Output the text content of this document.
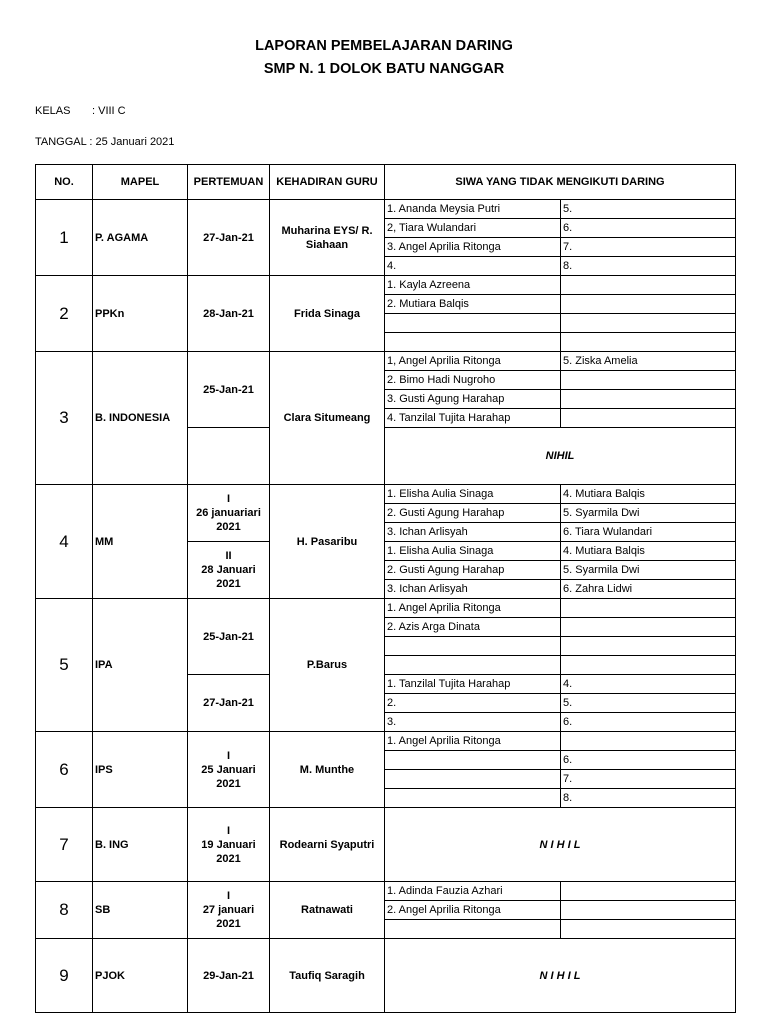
LAPORAN PEMBELAJARAN DARING
SMP N. 1 DOLOK BATU NANGGAR
KELAS : VIII C
TANGGAL : 25 Januari 2021
NO.	MAPEL	PERTEMUAN	KEHADIRAN GURU	SIWA YANG TIDAK MENGIKUTI DARING	
1	P. AGAMA	27-Jan-21	Muharina EYS/ R. Siahaan	1. Ananda Meysia Putri	5.
				2, Tiara Wulandari	6.
				3. Angel Aprilia Ritonga	7.
				4.	8.
2	PPKn	28-Jan-21	Frida Sinaga	1. Kayla Azreena	
				2. Mutiara Balqis	

3	B. INDONESIA	25-Jan-21	Clara Situmeang	1, Angel Aprilia Ritonga	5. Ziska Amelia
				2. Bimo Hadi Nugroho	
				3. Gusti Agung Harahap	
				4. Tanzilal Tujita Harahap	
				NIHIL	
4	MM	I
26 januariari
2021	H. Pasaribu	1. Elisha Aulia Sinaga	4. Mutiara Balqis
				2. Gusti Agung Harahap	5. Syarmila Dwi
				3. Ichan Arlisyah	6. Tiara Wulandari
		II
28 Januari
2021		1. Elisha Aulia Sinaga	4. Mutiara Balqis
				2. Gusti Agung Harahap	5. Syarmila Dwi
				3. Ichan Arlisyah	6. Zahra Lidwi
5	IPA	25-Jan-21	P.Barus	1. Angel Aprilia Ritonga	
				2. Azis Arga Dinata	

		27-Jan-21		1. Tanzilal Tujita Harahap	4.
				2.	5.
				3.	6.
6	IPS	I
25 Januari
2021	M. Munthe	1. Angel Aprilia Ritonga	
					6.
					7.
					8.
7	B. ING	I
19 Januari
2021	Rodearni Syaputri	N I H I L	
8	SB	I
27 januari
2021	Ratnawati	1. Adinda Fauzia Azhari	
				2. Angel Aprilia Ritonga	

9	PJOK	29-Jan-21	Taufiq Saragih	N I H I L	
